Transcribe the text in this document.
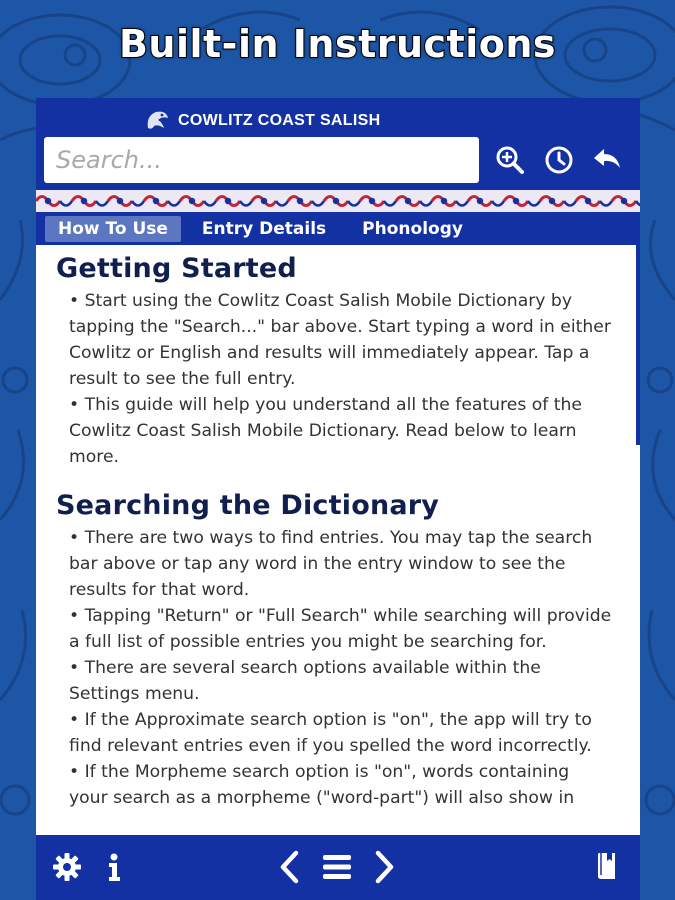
Built-in Instructions
COWLITZ COAST SALISH
Search...
How To Use	Entry Details	Phonology
Getting Started

• Start using the Cowlitz Coast Salish Mobile Dictionary by tapping the "Search..." bar above. Start typing a word in either Cowlitz or English and results will immediately appear. Tap a result to see the full entry.

• This guide will help you understand all the features of the Cowlitz Coast Salish Mobile Dictionary. Read below to learn more.

Searching the Dictionary

• There are two ways to find entries. You may tap the search bar above or tap any word in the entry window to see the results for that word.

• Tapping "Return" or "Full Search" while searching will provide a full list of possible entries you might be searching for.

• There are several search options available within the Settings menu.

• If the Approximate search option is "on", the app will try to find relevant entries even if you spelled the word incorrectly.

• If the Morpheme search option is "on", words containing your search as a morpheme ("word-part") will also show in
